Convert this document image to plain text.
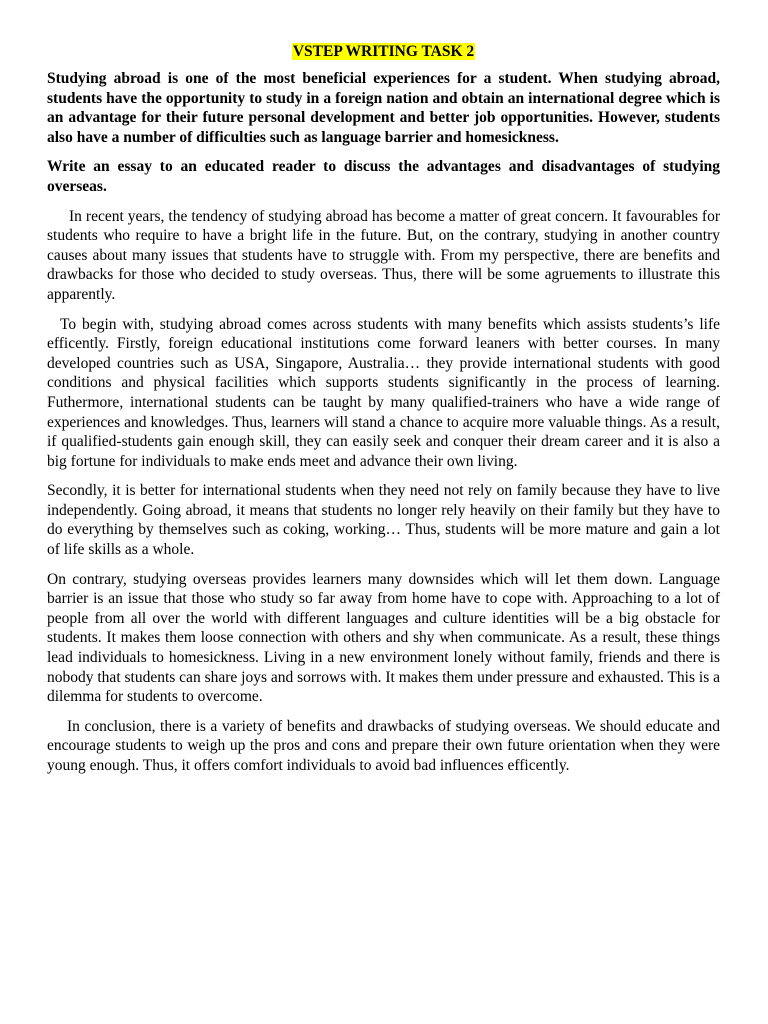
VSTEP WRITING TASK 2

Studying abroad is one of the most beneficial experiences for a student. When studying abroad, students have the opportunity to study in a foreign nation and obtain an international degree which is an advantage for their future personal development and better job opportunities. However, students also have a number of difficulties such as language barrier and homesickness.

Write an essay to an educated reader to discuss the advantages and disadvantages of studying overseas.

In recent years, the tendency of studying abroad has become a matter of great concern. It favourables for students who require to have a bright life in the future. But, on the contrary, studying in another country causes about many issues that students have to struggle with. From my perspective, there are benefits and drawbacks for those who decided to study overseas. Thus, there will be some agruements to illustrate this apparently.

To begin with, studying abroad comes across students with many benefits which assists students’s life efficently. Firstly, foreign educational institutions come forward leaners with better courses. In many developed countries such as USA, Singapore, Australia… they provide international students with good conditions and physical facilities which supports students significantly in the process of learning. Futhermore, international students can be taught by many qualified-trainers who have a wide range of experiences and knowledges. Thus, learners will stand a chance to acquire more valuable things. As a result, if qualified-students gain enough skill, they can easily seek and conquer their dream career and it is also a big fortune for individuals to make ends meet and advance their own living.

Secondly, it is better for international students when they need not rely on family because they have to live independently. Going abroad, it means that students no longer rely heavily on their family but they have to do everything by themselves such as coking, working… Thus, students will be more mature and gain a lot of life skills as a whole.

On contrary, studying overseas provides learners many downsides which will let them down. Language barrier is an issue that those who study so far away from home have to cope with. Approaching to a lot of people from all over the world with different languages and culture identities will be a big obstacle for students. It makes them loose connection with others and shy when communicate. As a result, these things lead individuals to homesickness. Living in a new environment lonely without family, friends and there is nobody that students can share joys and sorrows with. It makes them under pressure and exhausted. This is a dilemma for students to overcome.

In conclusion, there is a variety of benefits and drawbacks of studying overseas. We should educate and encourage students to weigh up the pros and cons and prepare their own future orientation when they were young enough. Thus, it offers comfort individuals to avoid bad influences efficently.
